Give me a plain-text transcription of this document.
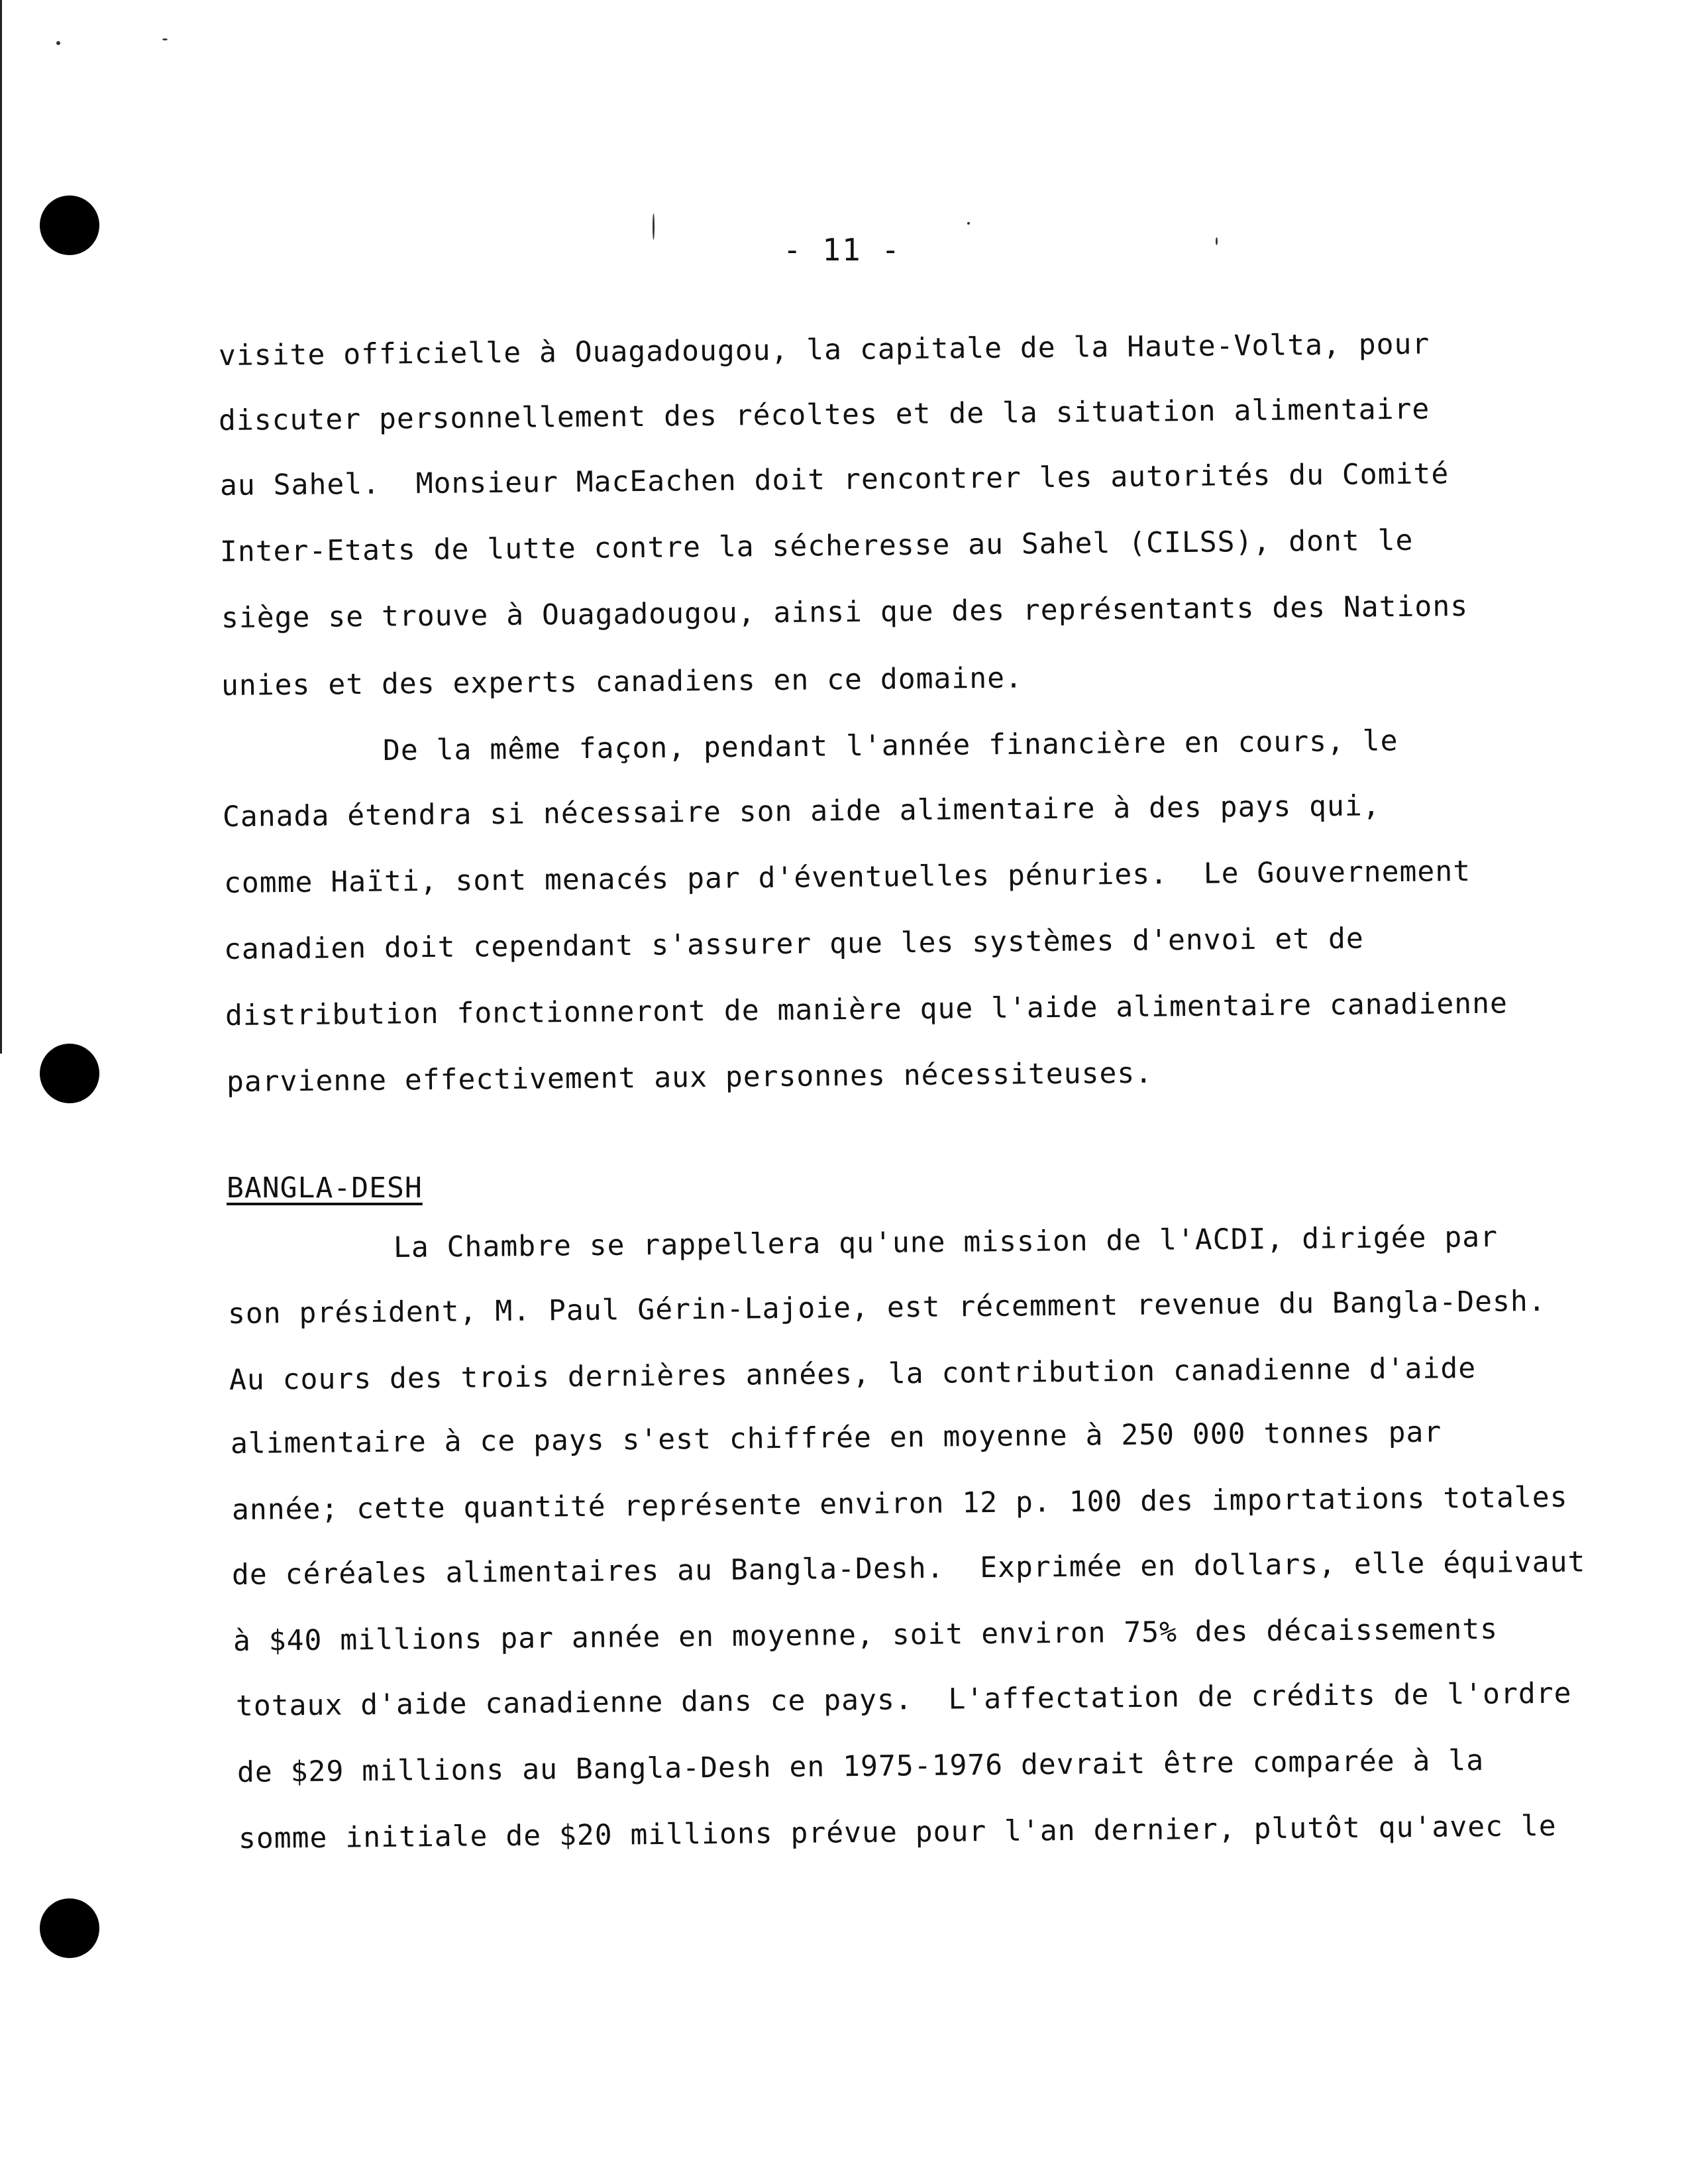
- 11 -
visite officielle à Ouagadougou, la capitale de la Haute-Volta, pour
discuter personnellement des récoltes et de la situation alimentaire
au Sahel.  Monsieur MacEachen doit rencontrer les autorités du Comité
Inter-Etats de lutte contre la sécheresse au Sahel (CILSS), dont le
siège se trouve à Ouagadougou, ainsi que des représentants des Nations
unies et des experts canadiens en ce domaine.
De la même façon, pendant l'année financière en cours, le
Canada étendra si nécessaire son aide alimentaire à des pays qui,
comme Haïti, sont menacés par d'éventuelles pénuries.  Le Gouvernement
canadien doit cependant s'assurer que les systèmes d'envoi et de
distribution fonctionneront de manière que l'aide alimentaire canadienne
parvienne effectivement aux personnes nécessiteuses.
BANGLA-DESH
La Chambre se rappellera qu'une mission de l'ACDI, dirigée par
son président, M. Paul Gérin-Lajoie, est récemment revenue du Bangla-Desh.
Au cours des trois dernières années, la contribution canadienne d'aide
alimentaire à ce pays s'est chiffrée en moyenne à 250 000 tonnes par
année; cette quantité représente environ 12 p. 100 des importations totales
de céréales alimentaires au Bangla-Desh.  Exprimée en dollars, elle équivaut
à $40 millions par année en moyenne, soit environ 75% des décaissements
totaux d'aide canadienne dans ce pays.  L'affectation de crédits de l'ordre
de $29 millions au Bangla-Desh en 1975-1976 devrait être comparée à la
somme initiale de $20 millions prévue pour l'an dernier, plutôt qu'avec le
